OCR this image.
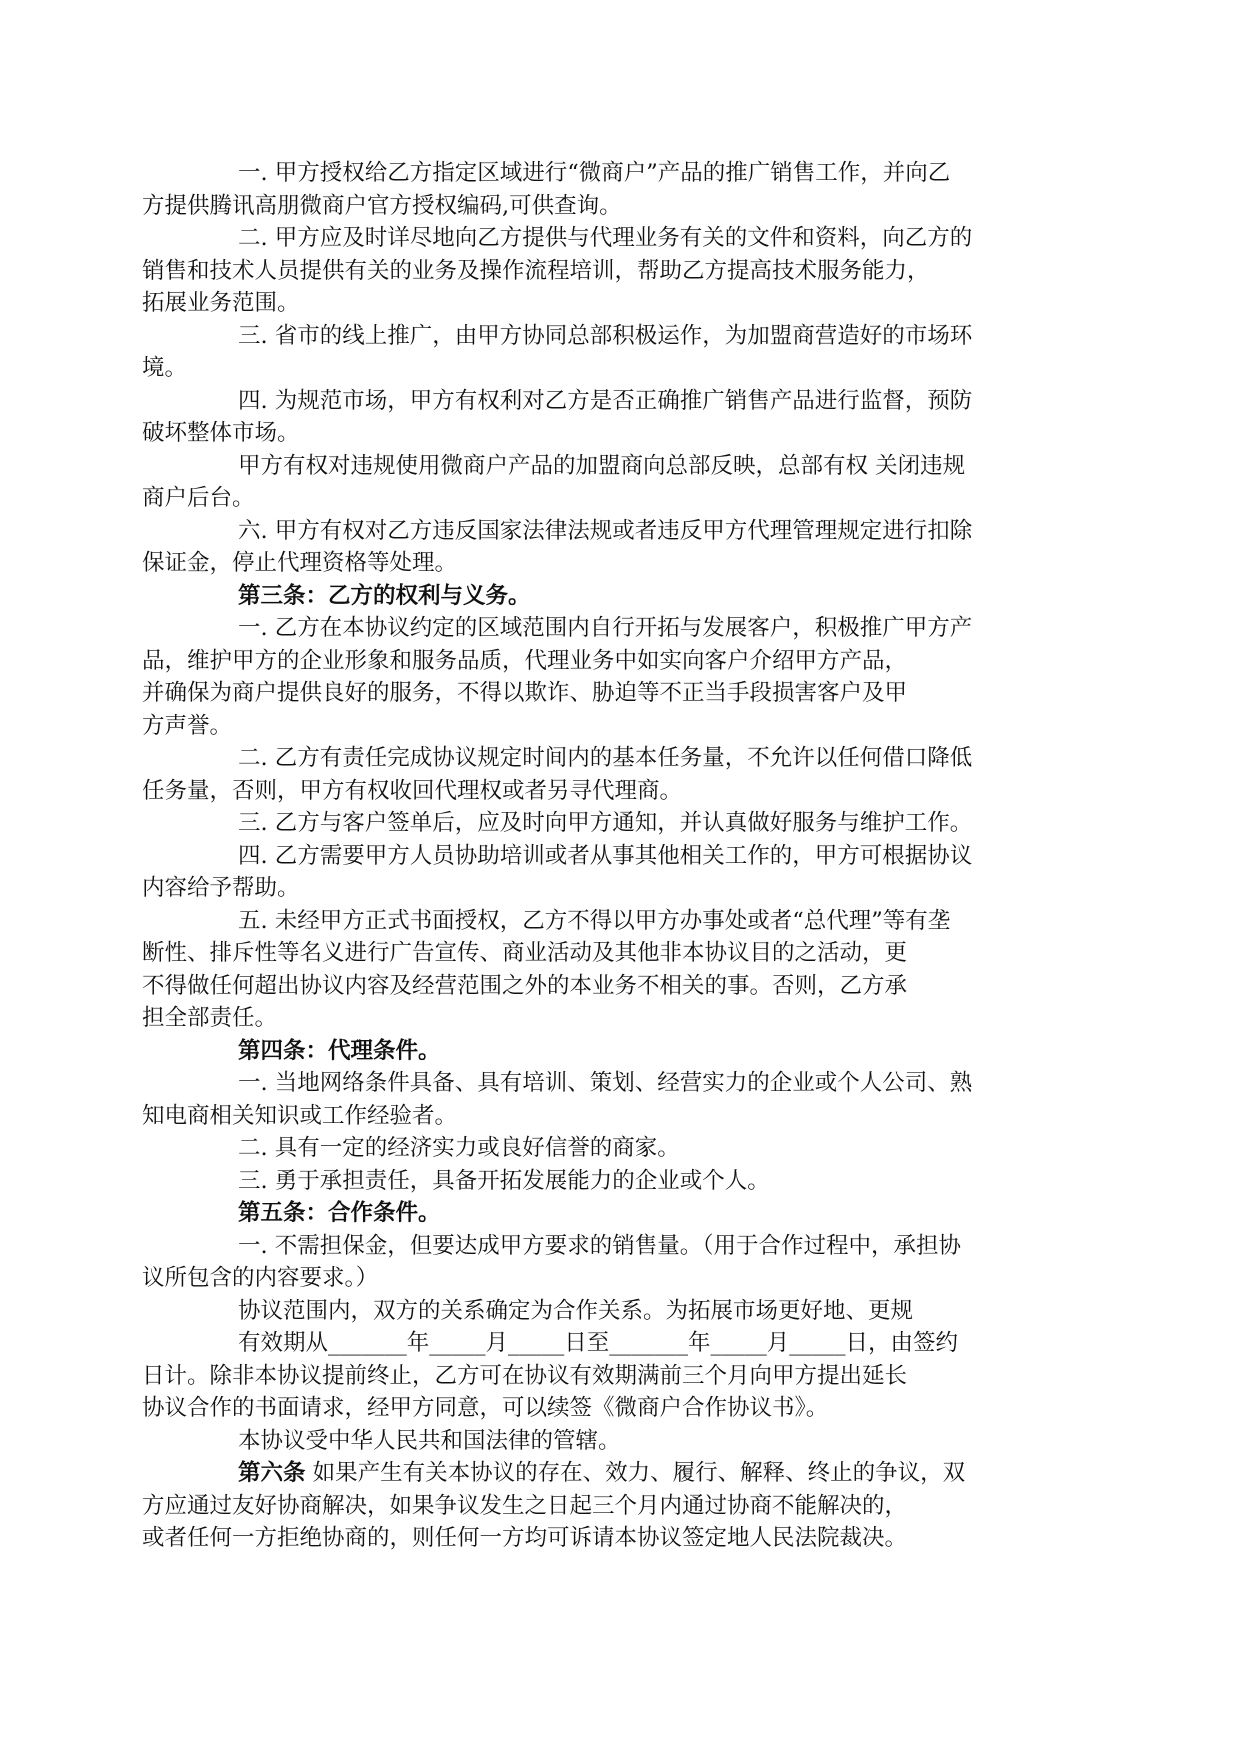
一. 甲方授权给乙方指定区域进行“微商户”产品的推广销售工作，并向乙
方提供腾讯高朋微商户官方授权编码,可供查询。
二. 甲方应及时详尽地向乙方提供与代理业务有关的文件和资料，向乙方的
销售和技术人员提供有关的业务及操作流程培训，帮助乙方提高技术服务能力，
拓展业务范围。
三. 省市的线上推广，由甲方协同总部积极运作，为加盟商营造好的市场环
境。
四. 为规范市场，甲方有权利对乙方是否正确推广销售产品进行监督，预防
破坏整体市场。
甲方有权对违规使用微商户产品的加盟商向总部反映，总部有权 关闭违规
商户后台。
六. 甲方有权对乙方违反国家法律法规或者违反甲方代理管理规定进行扣除
保证金，停止代理资格等处理。
第三条：乙方的权利与义务。
一. 乙方在本协议约定的区域范围内自行开拓与发展客户，积极推广甲方产
品，维护甲方的企业形象和服务品质，代理业务中如实向客户介绍甲方产品，
并确保为商户提供良好的服务，不得以欺诈、胁迫等不正当手段损害客户及甲
方声誉。
二. 乙方有责任完成协议规定时间内的基本任务量，不允许以任何借口降低
任务量，否则，甲方有权收回代理权或者另寻代理商。
三. 乙方与客户签单后，应及时向甲方通知，并认真做好服务与维护工作。
四. 乙方需要甲方人员协助培训或者从事其他相关工作的，甲方可根据协议
内容给予帮助。
五. 未经甲方正式书面授权，乙方不得以甲方办事处或者“总代理”等有垄
断性、排斥性等名义进行广告宣传、商业活动及其他非本协议目的之活动，更
不得做任何超出协议内容及经营范围之外的本业务不相关的事。否则，乙方承
担全部责任。
第四条：代理条件。
一. 当地网络条件具备、具有培训、策划、经营实力的企业或个人公司、熟
知电商相关知识或工作经验者。
二. 具有一定的经济实力或良好信誉的商家。
三. 勇于承担责任，具备开拓发展能力的企业或个人。
第五条：合作条件。
一. 不需担保金，但要达成甲方要求的销售量。（用于合作过程中，承担协
议所包含的内容要求。）
协议范围内，双方的关系确定为合作关系。为拓展市场更好地、更规
有效期从_______年_____月_____日至_______年_____月_____日，由签约
日计。除非本协议提前终止，乙方可在协议有效期满前三个月向甲方提出延长
协议合作的书面请求，经甲方同意，可以续签《微商户合作协议书》。
本协议受中华人民共和国法律的管辖。
第六条 如果产生有关本协议的存在、效力、履行、解释、终止的争议，双
方应通过友好协商解决，如果争议发生之日起三个月内通过协商不能解决的，
或者任何一方拒绝协商的，则任何一方均可诉请本协议签定地人民法院裁决。
